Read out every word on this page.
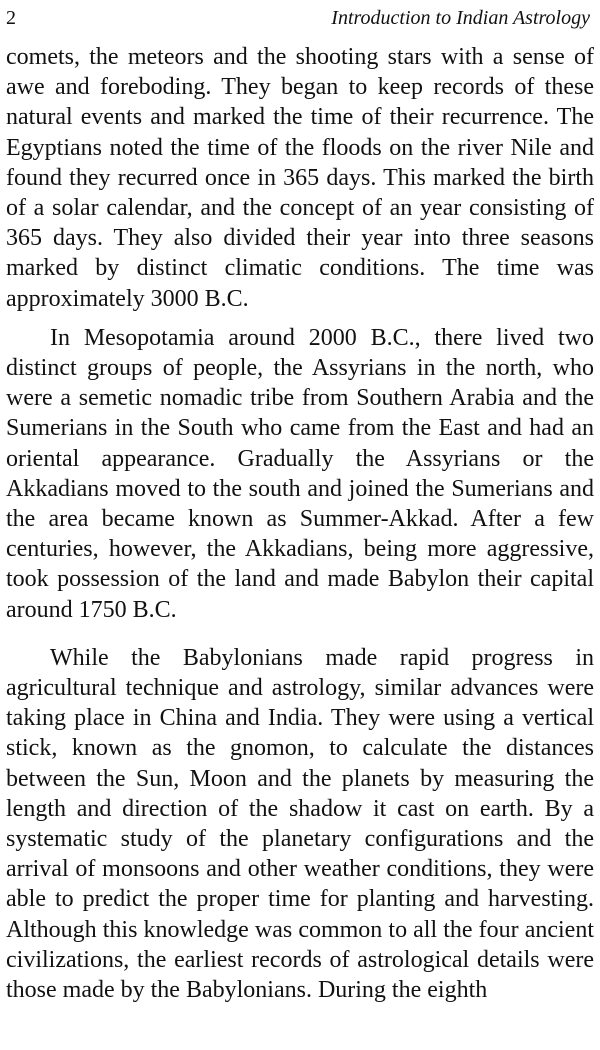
2	Introduction to Indian Astrology

comets, the meteors and the shooting stars with a sense of awe and foreboding. They began to keep records of these natural events and marked the time of their recurrence. The Egyptians noted the time of the floods on the river Nile and found they recurred once in 365 days. This marked the birth of a solar calendar, and the concept of an year consisting of 365 days. They also divided their year into three seasons marked by distinct climatic conditions. The time was approximately 3000 B.C.

In Mesopotamia around 2000 B.C., there lived two distinct groups of people, the Assyrians in the north, who were a semetic nomadic tribe from Southern Arabia and the Sumerians in the South who came from the East and had an oriental appearance. Gradually the Assyrians or the Akkadians moved to the south and joined the Sumerians and the area became known as Summer-Akkad. After a few centuries, however, the Akkadians, being more aggressive, took possession of the land and made Babylon their capital around 1750 B.C.

While the Babylonians made rapid progress in agricultural technique and astrology, similar advances were taking place in China and India. They were using a vertical stick, known as the gnomon, to calculate the distances between the Sun, Moon and the planets by measuring the length and direction of the shadow it cast on earth. By a systematic study of the planetary configurations and the arrival of monsoons and other weather conditions, they were able to predict the proper time for planting and harvesting. Although this knowledge was common to all the four ancient civilizations, the earliest records of astrological details were those made by the Babylonians. During the eighth
